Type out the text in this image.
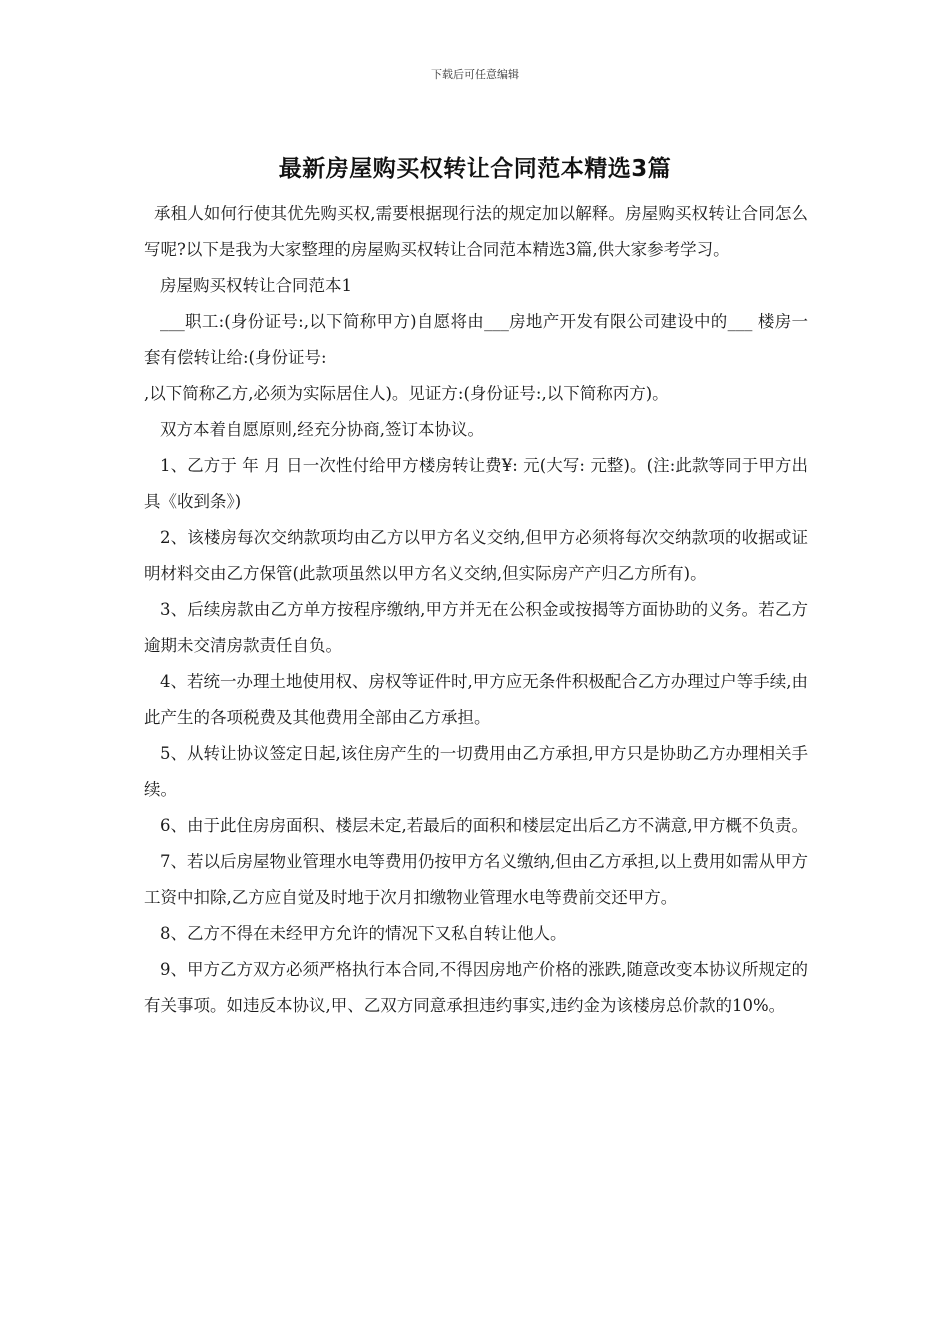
下载后可任意编辑
最新房屋购买权转让合同范本精选3篇

承租人如何行使其优先购买权,需要根据现行法的规定加以解释。房屋购买权转让合同怎么写呢?以下是我为大家整理的房屋购买权转让合同范本精选3篇,供大家参考学习。

房屋购买权转让合同范本1

___职工:(身份证号:,以下简称甲方)自愿将由___房地产开发有限公司建设中的___ 楼房一套有偿转让给:(身份证号:

,以下简称乙方,必须为实际居住人)。见证方:(身份证号:,以下简称丙方)。

双方本着自愿原则,经充分协商,签订本协议。

1、乙方于 年 月 日一次性付给甲方楼房转让费¥: 元(大写: 元整)。(注:此款等同于甲方出具《收到条》)

2、该楼房每次交纳款项均由乙方以甲方名义交纳,但甲方必须将每次交纳款项的收据或证明材料交由乙方保管(此款项虽然以甲方名义交纳,但实际房产产归乙方所有)。

3、后续房款由乙方单方按程序缴纳,甲方并无在公积金或按揭等方面协助的义务。若乙方逾期未交清房款责任自负。

4、若统一办理土地使用权、房权等证件时,甲方应无条件积极配合乙方办理过户等手续,由此产生的各项税费及其他费用全部由乙方承担。

5、从转让协议签定日起,该住房产生的一切费用由乙方承担,甲方只是协助乙方办理相关手续。

6、由于此住房房面积、楼层未定,若最后的面积和楼层定出后乙方不满意,甲方概不负责。

7、若以后房屋物业管理水电等费用仍按甲方名义缴纳,但由乙方承担,以上费用如需从甲方工资中扣除,乙方应自觉及时地于次月扣缴物业管理水电等费前交还甲方。

8、乙方不得在未经甲方允许的情况下又私自转让他人。

9、甲方乙方双方必须严格执行本合同,不得因房地产价格的涨跌,随意改变本协议所规定的有关事项。如违反本协议,甲、乙双方同意承担违约事实,违约金为该楼房总价款的10%。
